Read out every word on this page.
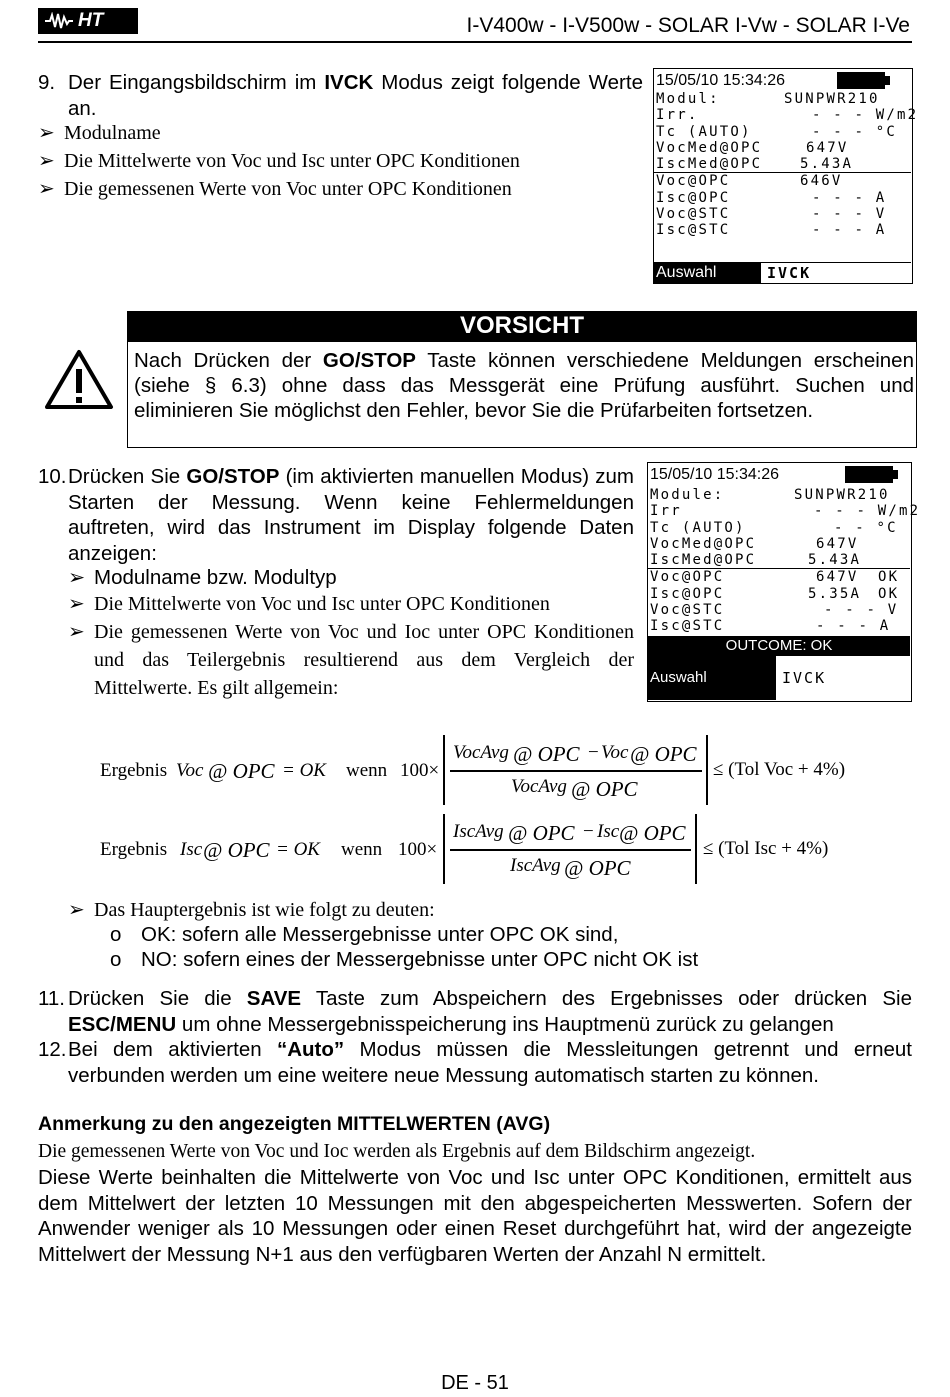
HT	I-V400w - I-V500w - SOLAR I-Vw - SOLAR I-Ve
9. Der Eingangsbildschirm im IVCK Modus zeigt folgende Werte an.
➢ Modulname
➢ Die Mittelwerte von Voc und Isc unter OPC Konditionen
➢ Die gemessenen Werte von Voc unter OPC Konditionen
15/05/10 15:34:26
Modul:	SUNPWR210
Irr.	- - - W/m2
Tc (AUTO)	- - - °C
VocMed@OPC	647V
IscMed@OPC	5.43A
Voc@OPC	646V
Isc@OPC	- - - A
Voc@STC	- - - V
Isc@STC	- - - A
Auswahl	IVCK
VORSICHT
Nach Drücken der GO/STOP Taste können verschiedene Meldungen erscheinen (siehe § 6.3) ohne dass das Messgerät eine Prüfung ausführt. Suchen und eliminieren Sie möglichst den Fehler, bevor Sie die Prüfarbeiten fortsetzen.
10. Drücken Sie GO/STOP (im aktivierten manuellen Modus) zum Starten der Messung. Wenn keine Fehlermeldungen auftreten, wird das Instrument im Display folgende Daten anzeigen:
➢ Modulname bzw. Modultyp
➢ Die Mittelwerte von Voc und Isc unter OPC Konditionen
➢ Die gemessenen Werte von Voc und Ioc unter OPC Konditionen und das Teilergebnis resultierend aus dem Vergleich der Mittelwerte. Es gilt allgemein:
15/05/10 15:34:26
Module:	SUNPWR210
Irr	- - - W/m2
Tc (AUTO)	- - °C
VocMed@OPC	647V
IscMed@OPC	5.43A
Voc@OPC	647V OK
Isc@OPC	5.35A OK
Voc@STC	- - - V
Isc@STC	- - - A
OUTCOME: OK
Auswahl	IVCK
Ergebnis Voc @ OPC = OK wenn 100×
VocAvg @ OPC − Voc @ OPC
VocAvg @ OPC
≤ (Tol Voc + 4%)
Ergebnis Isc @ OPC = OK wenn 100×
IscAvg @ OPC − Isc @ OPC
IscAvg @ OPC
≤ (Tol Isc + 4%)
➢ Das Hauptergebnis ist wie folgt zu deuten:
o OK: sofern alle Messergebnisse unter OPC OK sind,
o NO: sofern eines der Messergebnisse unter OPC nicht OK ist
11. Drücken Sie die SAVE Taste zum Abspeichern des Ergebnisses oder drücken Sie ESC/MENU um ohne Messergebnisspeicherung ins Hauptmenü zurück zu gelangen
12. Bei dem aktivierten “Auto” Modus müssen die Messleitungen getrennt und erneut verbunden werden um eine weitere neue Messung automatisch starten zu können.
Anmerkung zu den angezeigten MITTELWERTEN (AVG)
Die gemessenen Werte von Voc und Ioc werden als Ergebnis auf dem Bildschirm angezeigt.
Diese Werte beinhalten die Mittelwerte von Voc und Isc unter OPC Konditionen, ermittelt aus dem Mittelwert der letzten 10 Messungen mit den abgespeicherten Messwerten. Sofern der Anwender weniger als 10 Messungen oder einen Reset durchgeführt hat, wird der angezeigte Mittelwert der Messung N+1 aus den verfügbaren Werten der Anzahl N ermittelt.
DE - 51
